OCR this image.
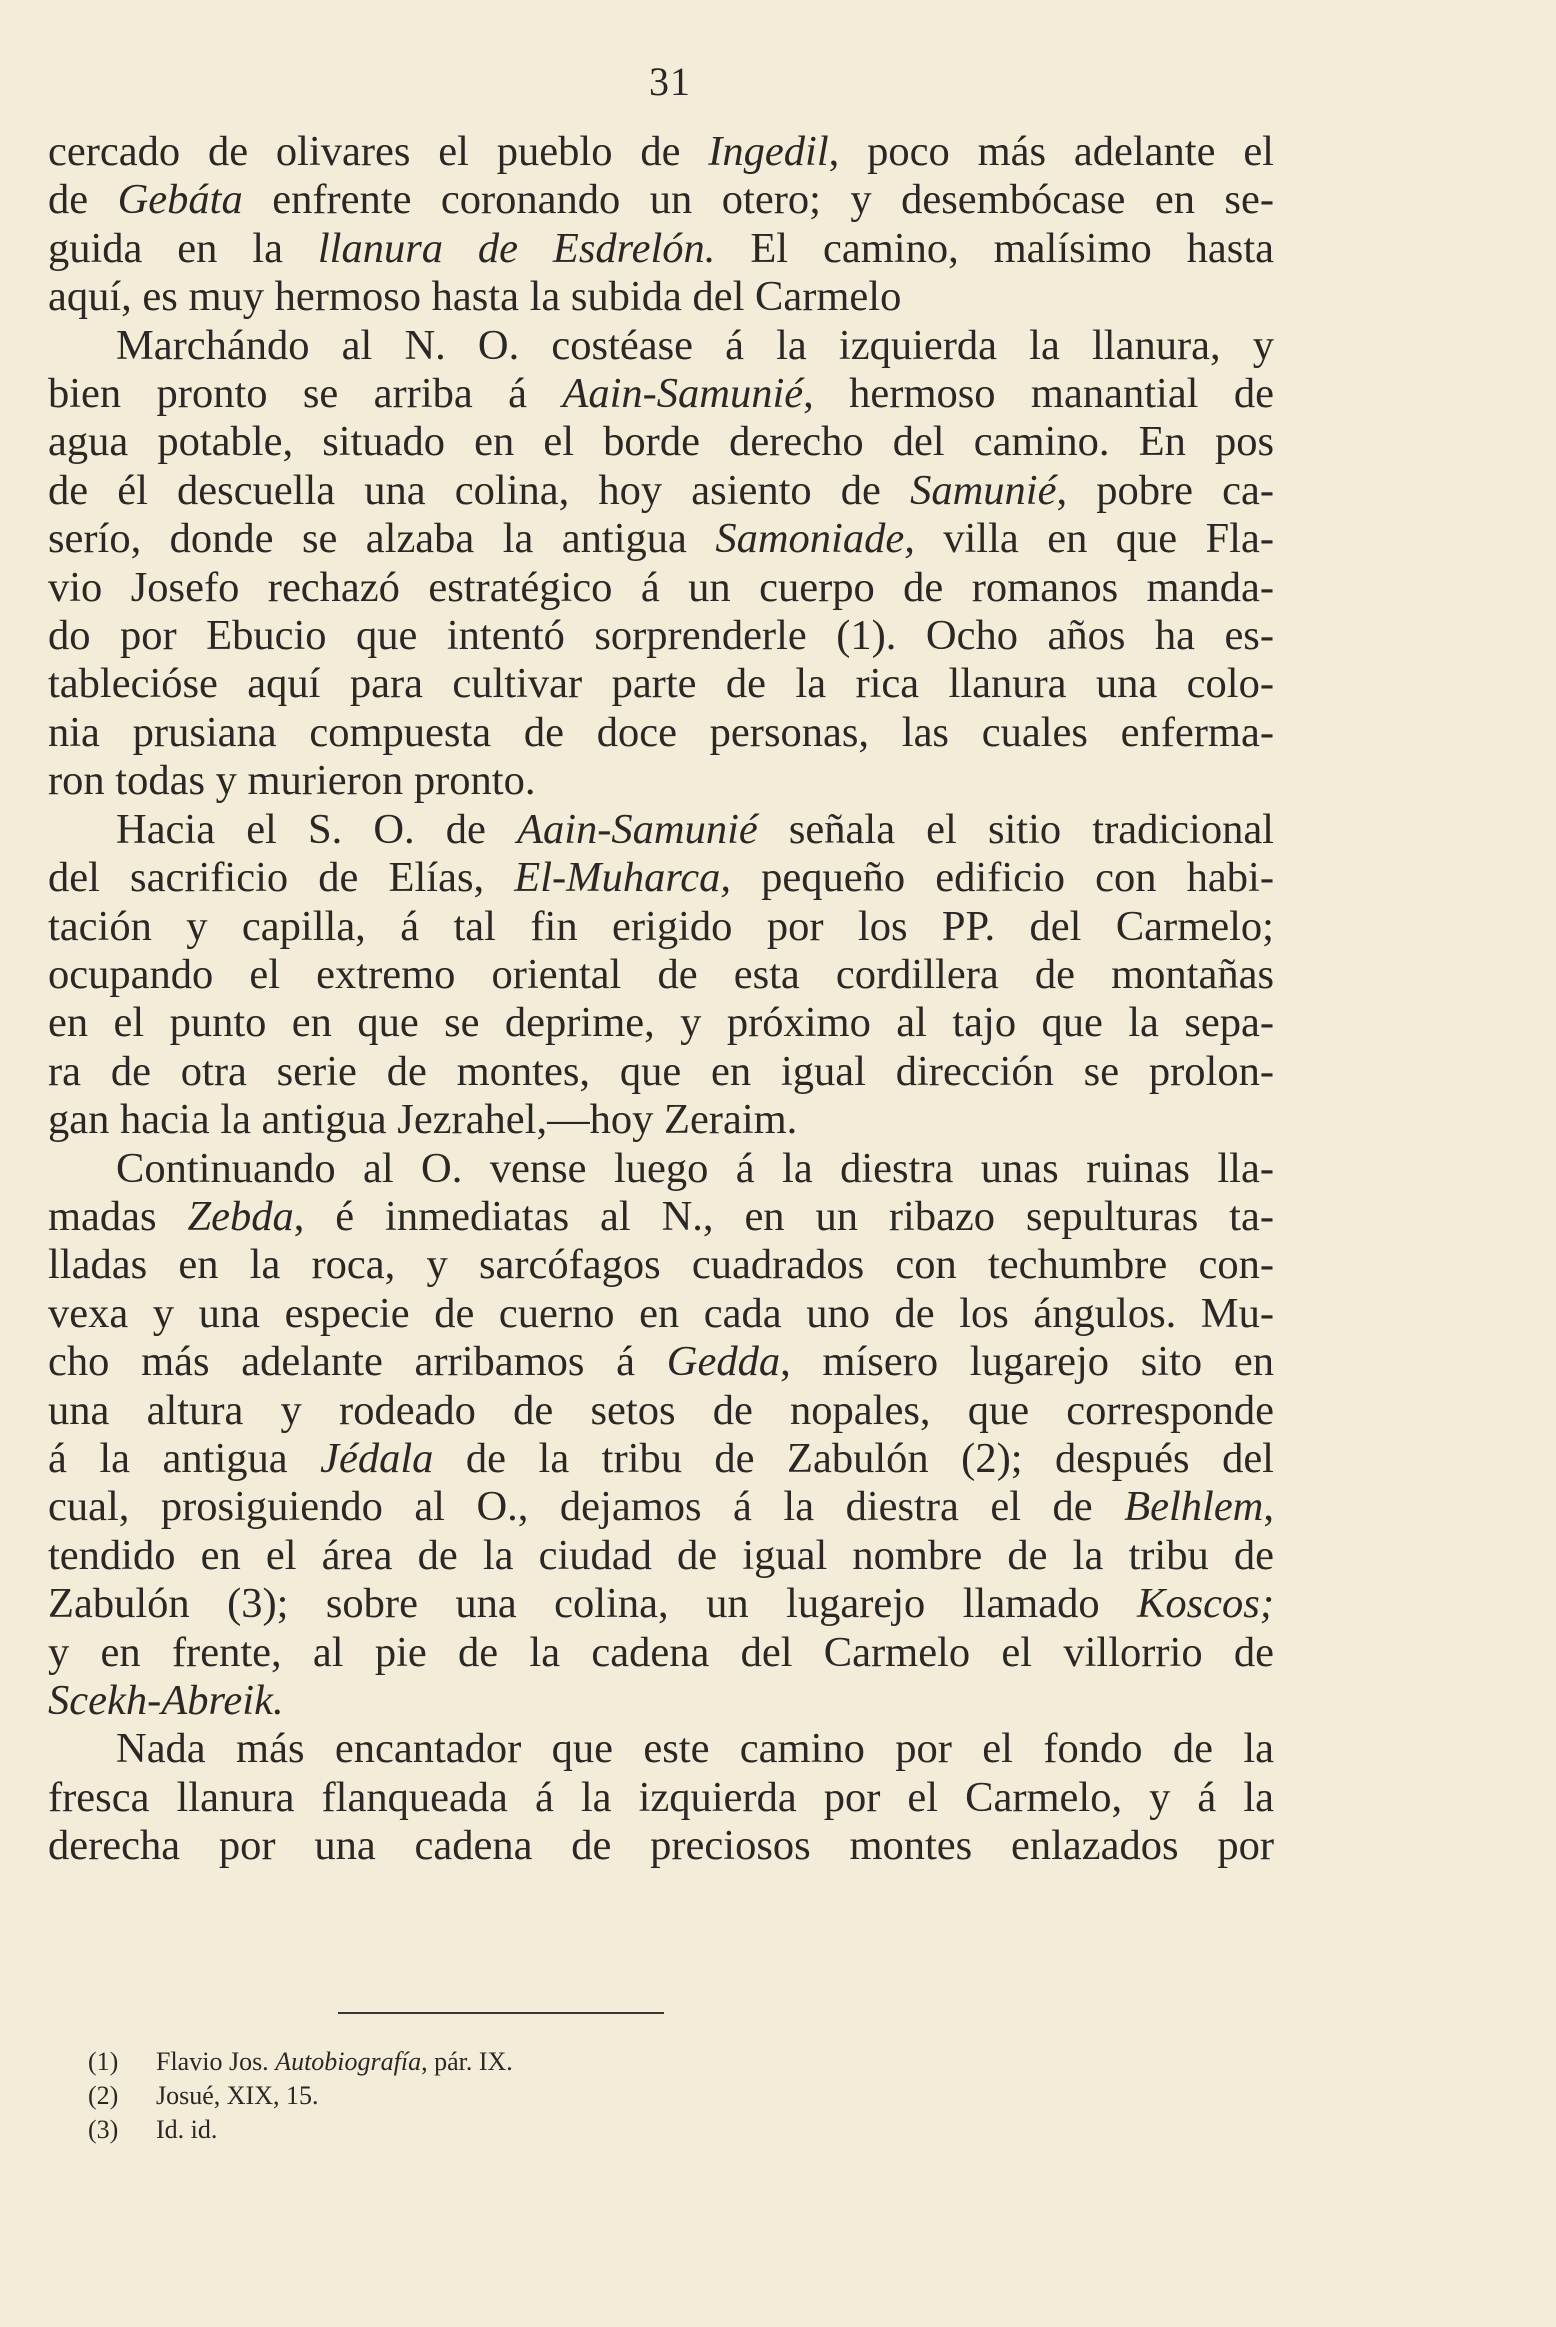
31
cercado de olivares el pueblo de Ingedil, poco más adelante el
de Gebáta enfrente coronando un otero; y desembócase en se-
guida en la llanura de Esdrelón. El camino, malísimo hasta
aquí, es muy hermoso hasta la subida del Carmelo
Marchándo al N. O. costéase á la izquierda la llanura, y
bien pronto se arriba á Aain-Samunié, hermoso manantial de
agua potable, situado en el borde derecho del camino. En pos
de él descuella una colina, hoy asiento de Samunié, pobre ca-
serío, donde se alzaba la antigua Samoniade, villa en que Fla-
vio Josefo rechazó estratégico á un cuerpo de romanos manda-
do por Ebucio que intentó sorprenderle (1). Ocho años ha es-
tablecióse aquí para cultivar parte de la rica llanura una colo-
nia prusiana compuesta de doce personas, las cuales enferma-
ron todas y murieron pronto.
Hacia el S. O. de Aain-Samunié señala el sitio tradicional
del sacrificio de Elías, El-Muharca, pequeño edificio con habi-
tación y capilla, á tal fin erigido por los PP. del Carmelo;
ocupando el extremo oriental de esta cordillera de montañas
en el punto en que se deprime, y próximo al tajo que la sepa-
ra de otra serie de montes, que en igual dirección se prolon-
gan hacia la antigua Jezrahel,—hoy Zeraim.
Continuando al O. vense luego á la diestra unas ruinas lla-
madas Zebda, é inmediatas al N., en un ribazo sepulturas ta-
lladas en la roca, y sarcófagos cuadrados con techumbre con-
vexa y una especie de cuerno en cada uno de los ángulos. Mu-
cho más adelante arribamos á Gedda, mísero lugarejo sito en
una altura y rodeado de setos de nopales, que corresponde
á la antigua Jédala de la tribu de Zabulón (2); después del
cual, prosiguiendo al O., dejamos á la diestra el de Belhlem,
tendido en el área de la ciudad de igual nombre de la tribu de
Zabulón (3); sobre una colina, un lugarejo llamado Koscos;
y en frente, al pie de la cadena del Carmelo el villorrio de
Scekh-Abreik.
Nada más encantador que este camino por el fondo de la
fresca llanura flanqueada á la izquierda por el Carmelo, y á la
derecha por una cadena de preciosos montes enlazados por
(1) Flavio Jos. Autobiografía, pár. IX.
(2) Josué, XIX, 15.
(3) Id. id.
